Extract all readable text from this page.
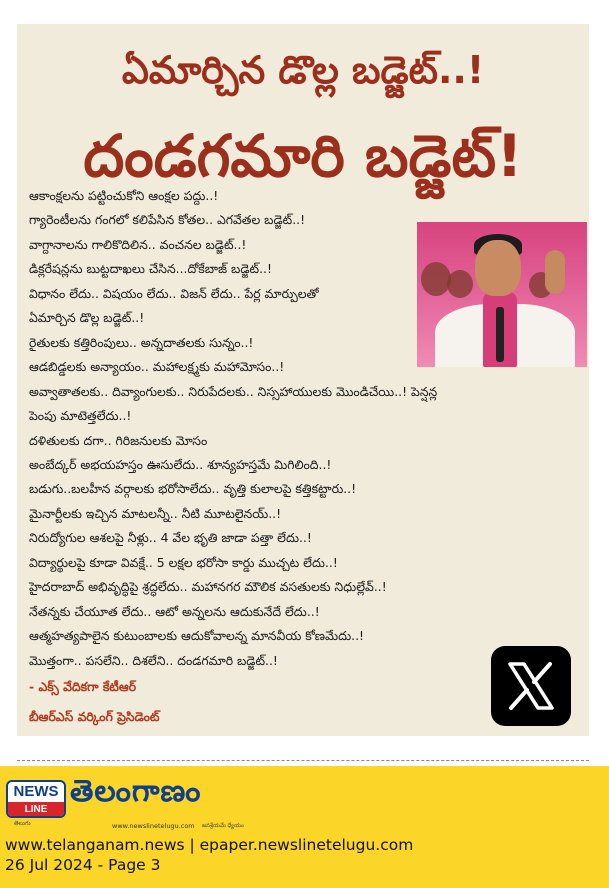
ఏమార్చిన డొల్ల బడ్జెట్..!
దండగమారి బడ్జెట్!
ఆకాంక్షలను పట్టించుకోని ఆంక్షల పద్దు..!
గ్యారెంటీలను గంగలో కలిపేసిన కోతల.. ఎగవేతల బడ్జెట్..!
వాగ్దానాలను గాలికొదిలిన.. వంచనల బడ్జెట్..!
డిక్లరేషన్లను బుట్టదాఖలు చేసిన...దోకేబాజ్ బడ్జెట్..!
విధానం లేదు.. విషయం లేదు.. విజన్ లేదు.. పేర్ల మార్పులతో
ఏమార్చిన డొల్ల బడ్జెట్..!
రైతులకు కత్తిరింపులు.. అన్నదాతలకు సున్నం..!
ఆడబిడ్డలకు అన్యాయం.. మహాలక్ష్మకు మహామోసం..!
అవ్వాతాతలకు.. దివ్యాంగులకు.. నిరుపేదలకు.. నిస్సహాయులకు మొండిచేయి..! పెన్షన్ల
పెంపు మాటెత్తలేదు..!
దళితులకు దగా.. గిరిజనులకు మోసం
అంబేద్కర్ అభయహస్తం ఊసులేదు.. శూన్యహస్తమే మిగిలింది..!
బడుగు..బలహీన వర్గాలకు భరోసాలేదు.. వృత్తి కులాలపై కత్తికట్టారు..!
మైనార్టీలకు ఇచ్చిన మాటలన్నీ.. నీటి మూటలైనయ్..!
నిరుద్యోగుల ఆశలపై నీళ్లు.. 4 వేల భృతి జాడా పత్తా లేదు..!
విద్యార్థులపై కూడా వివక్షే.. 5 లక్షల భరోసా కార్డు ముచ్చట లేదు..!
హైదరాబాద్ అభివృద్ధిపై శ్రద్ధలేదు.. మహానగర మౌలిక వసతులకు నిధుల్లేవ్..!
నేతన్నకు చేయూత లేదు.. ఆటో అన్నలను ఆదుకునేదే లేదు..!
ఆత్మహత్యపాలైన కుటుంబాలకు ఆదుకోవాలన్న మానవీయ కోణమేదు..!
మొత్తంగా.. పసలేని.. దిశలేని.. దండగమారి బడ్జెట్..!
- ఎక్స్ వేదికగా కేటీఆర్
బీఆర్ఎస్ వర్కింగ్ ప్రెసిడెంట్
NEWS
LINE
తెలుగు
తెలంగాణం
www.newslinetelugu.com జనశ్రేయమే ధ్యేయం
www.telanganam.news | epaper.newslinetelugu.com
26 Jul 2024 - Page 3
